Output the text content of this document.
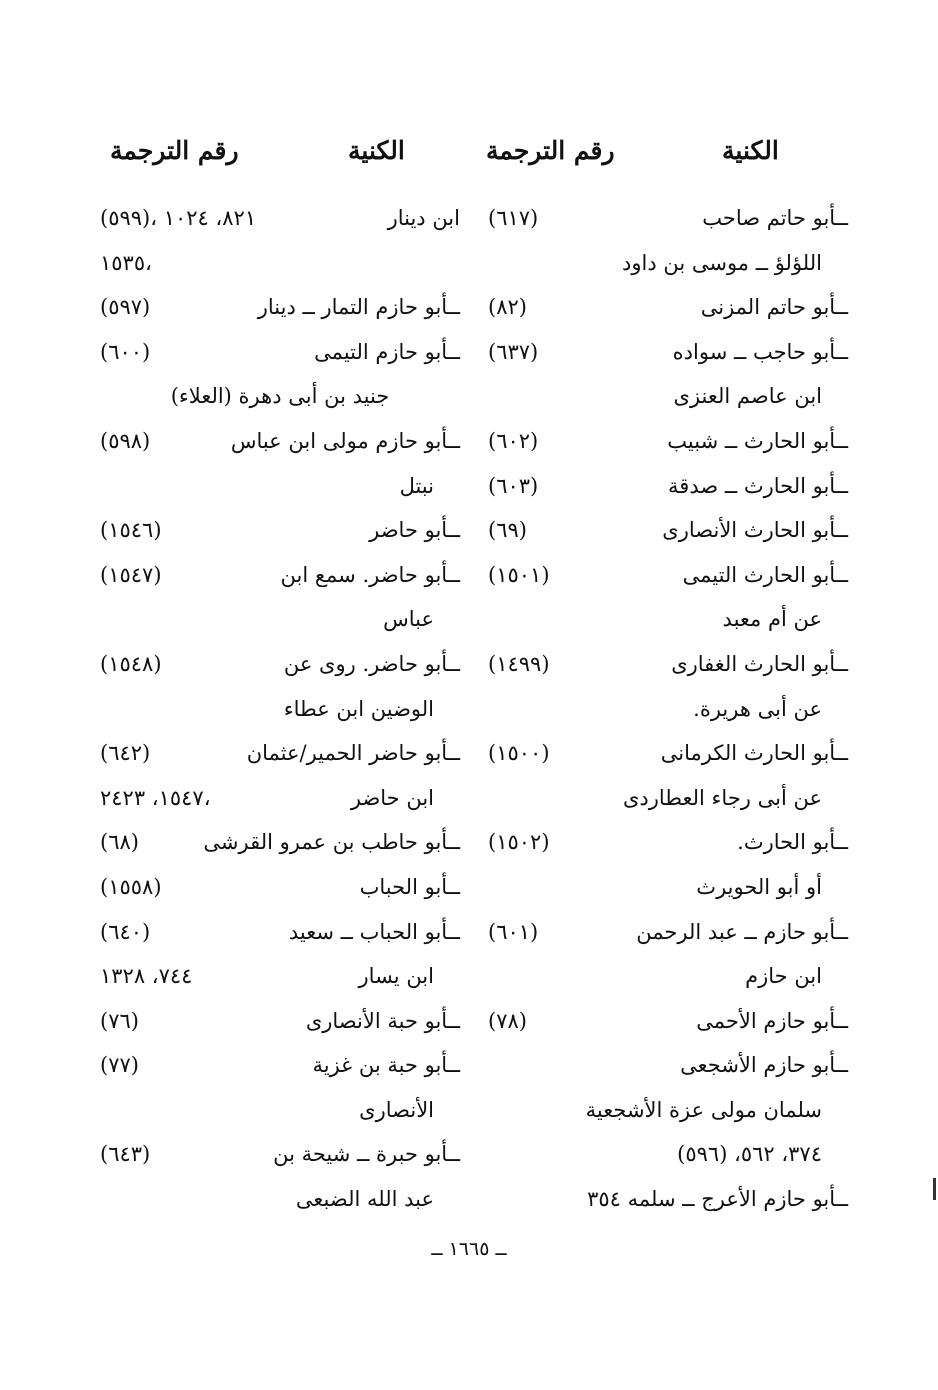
الكنية
رقم الترجمة
الكنية
رقم الترجمة
ــأبو حاتم صاحب
(٦١٧)
اللؤلؤ ــ موسى بن داود
ــأبو حاتم المزنى
(٨٢)
ــأبو حاجب ــ سواده
(٦٣٧)
ابن عاصم العنزى
ــأبو الحارث ــ شبيب
(٦٠٢)
ــأبو الحارث ــ صدقة
(٦٠٣)
ــأبو الحارث الأنصارى
(٦٩)
ــأبو الحارث التيمى
(١٥٠١)
عن أم معبد
ــأبو الحارث الغفارى
(١٤٩٩)
عن أبى هريرة.
ــأبو الحارث الكرمانى
(١٥٠٠)
عن أبى رجاء العطاردى
ــأبو الحارث.
(١٥٠٢)
أو أبو الحويرث
ــأبو حازم ــ عبد الرحمن
(٦٠١)
ابن حازم
ــأبو حازم الأحمى
(٧٨)
ــأبو حازم الأشجعى
سلمان مولى عزة الأشجعية
٣٧٤، ٥٦٢، (٥٩٦)
ــأبو حازم الأعرج ــ سلمه ٣٥٤
ابن دينار
(٥٩٩)، ٨٢١، ١٠٢٤
١٥٣٥،
ــأبو حازم التمار ــ دينار
(٥٩٧)
ــأبو حازم التيمى
(٦٠٠)
جنيد بن أبى دهرة (العلاء)
ــأبو حازم مولى ابن عباس
(٥٩٨)
نبتل
ــأبو حاضر
(١٥٤٦)
ــأبو حاضر. سمع ابن
(١٥٤٧)
عباس
ــأبو حاضر. روى عن
(١٥٤٨)
الوضين ابن عطاء
ــأبو حاضر الحمير/عثمان
(٦٤٢)
ابن حاضر
١٥٤٧، ٢٤٢٣،
ــأبو حاطب بن عمرو القرشى
(٦٨)
ــأبو الحباب
(١٥٥٨)
ــأبو الحباب ــ سعيد
(٦٤٠)
ابن يسار
٧٤٤، ١٣٢٨
ــأبو حبة الأنصارى
(٧٦)
ــأبو حبة بن غزية
(٧٧)
الأنصارى
ــأبو حبرة ــ شيحة بن
(٦٤٣)
عبد الله الضبعى
ــ ١٦٦٥ ــ
